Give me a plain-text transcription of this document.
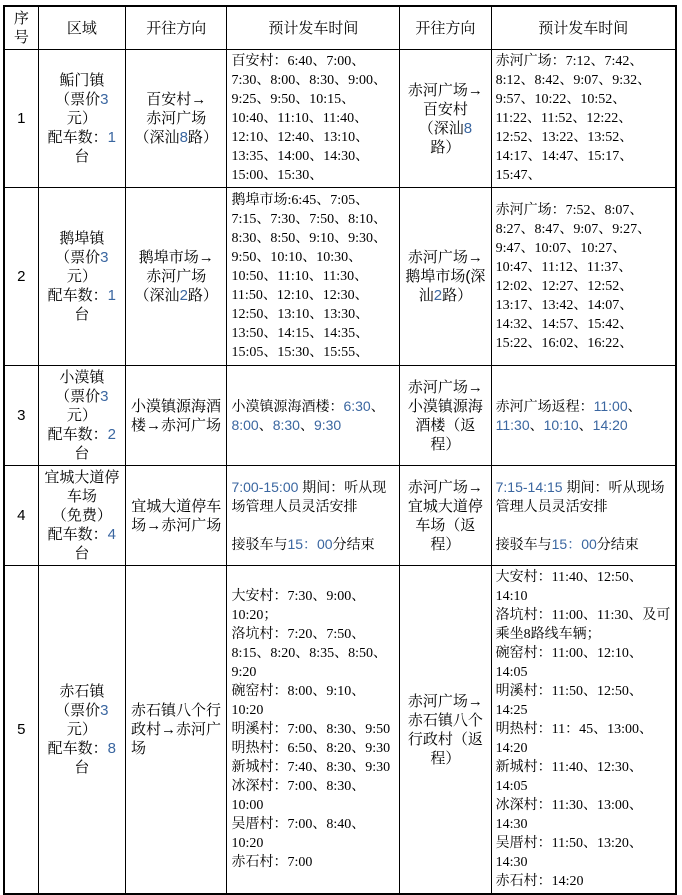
序号	区域	开往方向	预计发车时间	开往方向	预计发车时间
1	鲘门镇
（票价3元）
配车数：1台	百安村→
赤河广场
（深汕8路）	百安村：6:40、7:00、7:30、8:00、8:30、9:00、9:25、9:50、10:15、10:40、11:10、11:40、12:10、12:40、13:10、13:35、14:00、14:30、15:00、15:30、	赤河广场→
百安村
（深汕8路）	赤河广场：7:12、7:42、8:12、8:42、9:07、9:32、9:57、10:22、10:52、11:22、11:52、12:22、12:52、13:22、13:52、14:17、14:47、15:17、15:47、
2	鹅埠镇
（票价3元）
配车数：1台	鹅埠市场→
赤河广场
（深汕2路）	鹅埠市场:6:45、7:05、7:15、7:30、7:50、8:10、8:30、8:50、9:10、9:30、9:50、10:10、10:30、10:50、11:10、11:30、11:50、12:10、12:30、12:50、13:10、13:30、13:50、14:15、14:35、15:05、15:30、15:55、	赤河广场→
鹅埠市场(深汕2路）	赤河广场：7:52、8:07、8:27、8:47、9:07、9:27、9:47、10:07、10:27、10:47、11:12、11:37、12:02、12:27、12:52、13:17、13:42、14:07、14:32、14:57、15:42、15:22、16:02、16:22、
3	小漠镇
（票价3元）
配车数：2台	小漠镇源海酒楼→赤河广场	小漠镇源海酒楼：6:30、8:00、8:30、9:30	赤河广场→
小漠镇源海酒楼（返程）	赤河广场返程：11:00、11:30、10:10、14:20
4	宜城大道停车场
（免费）
配车数：4台	宜城大道停车场→赤河广场	7:00-15:00 期间：听从现场管理人员灵活安排

接驳车与15：00分结束	赤河广场→
宜城大道停车场（返程）	7:15-14:15 期间：听从现场管理人员灵活安排

接驳车与15：00分结束
5	赤石镇
（票价3元）
配车数：8台	赤石镇八个行政村→赤河广场	大安村：7:30、9:00、10:20；
洛坑村：7:20、7:50、8:15、8:20、8:35、8:50、9:20
碗窑村：8:00、9:10、10:20
明溪村：7:00、8:30、9:50
明热村：6:50、8:20、9:30
新城村：7:40、8:30、9:30
冰深村：7:00、8:30、10:00
吴厝村：7:00、8:40、10:20
赤石村：7:00	赤河广场→
赤石镇八个行政村（返程）	大安村：11:40、12:50、14:10
洛坑村：11:00、11:30、及可乘坐8路线车辆；
碗窑村：11:00、12:10、14:05
明溪村：11:50、12:50、14:25
明热村：11：45、13:00、14:20
新城村：11:40、12:30、14:05
冰深村：11:30、13:00、14:30
吴厝村：11:50、13:20、14:30
赤石村：14:20
